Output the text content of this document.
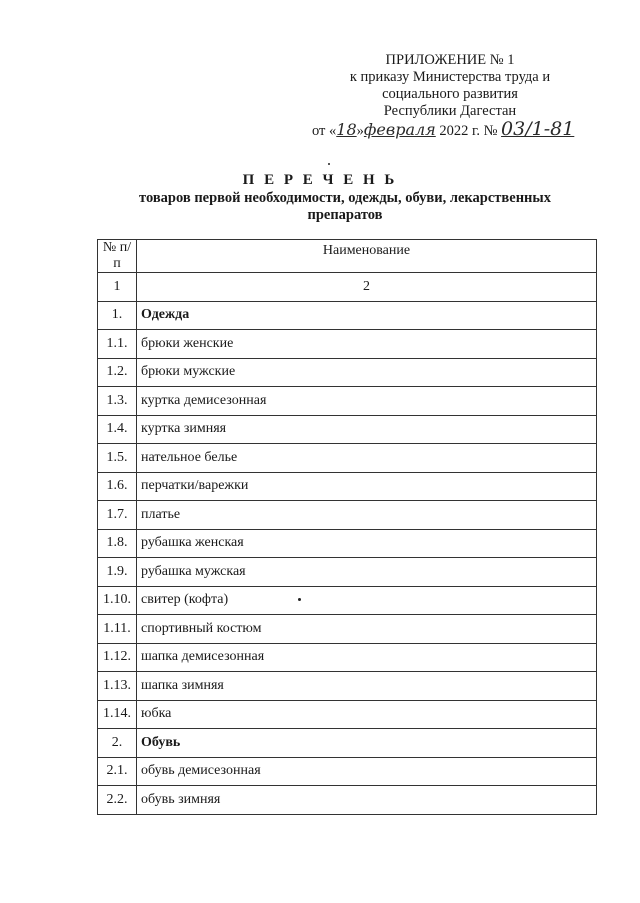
ПРИЛОЖЕНИЕ № 1
к приказу Министерства труда и
социального развития
Республики Дагестан
от «18»февраля 2022 г. № 03/1-81
П Е Р Е Ч Е Н Ь
товаров первой необходимости, одежды, обуви, лекарственных препаратов
№ п/п	Наименование
1	2
1.	Одежда
1.1.	брюки женские
1.2.	брюки мужские
1.3.	куртка демисезонная
1.4.	куртка зимняя
1.5.	нательное белье
1.6.	перчатки/варежки
1.7.	платье
1.8.	рубашка женская
1.9.	рубашка мужская
1.10.	свитер (кофта)
1.11.	спортивный костюм
1.12.	шапка демисезонная
1.13.	шапка зимняя
1.14.	юбка
2.	Обувь
2.1.	обувь демисезонная
2.2.	обувь зимняя
